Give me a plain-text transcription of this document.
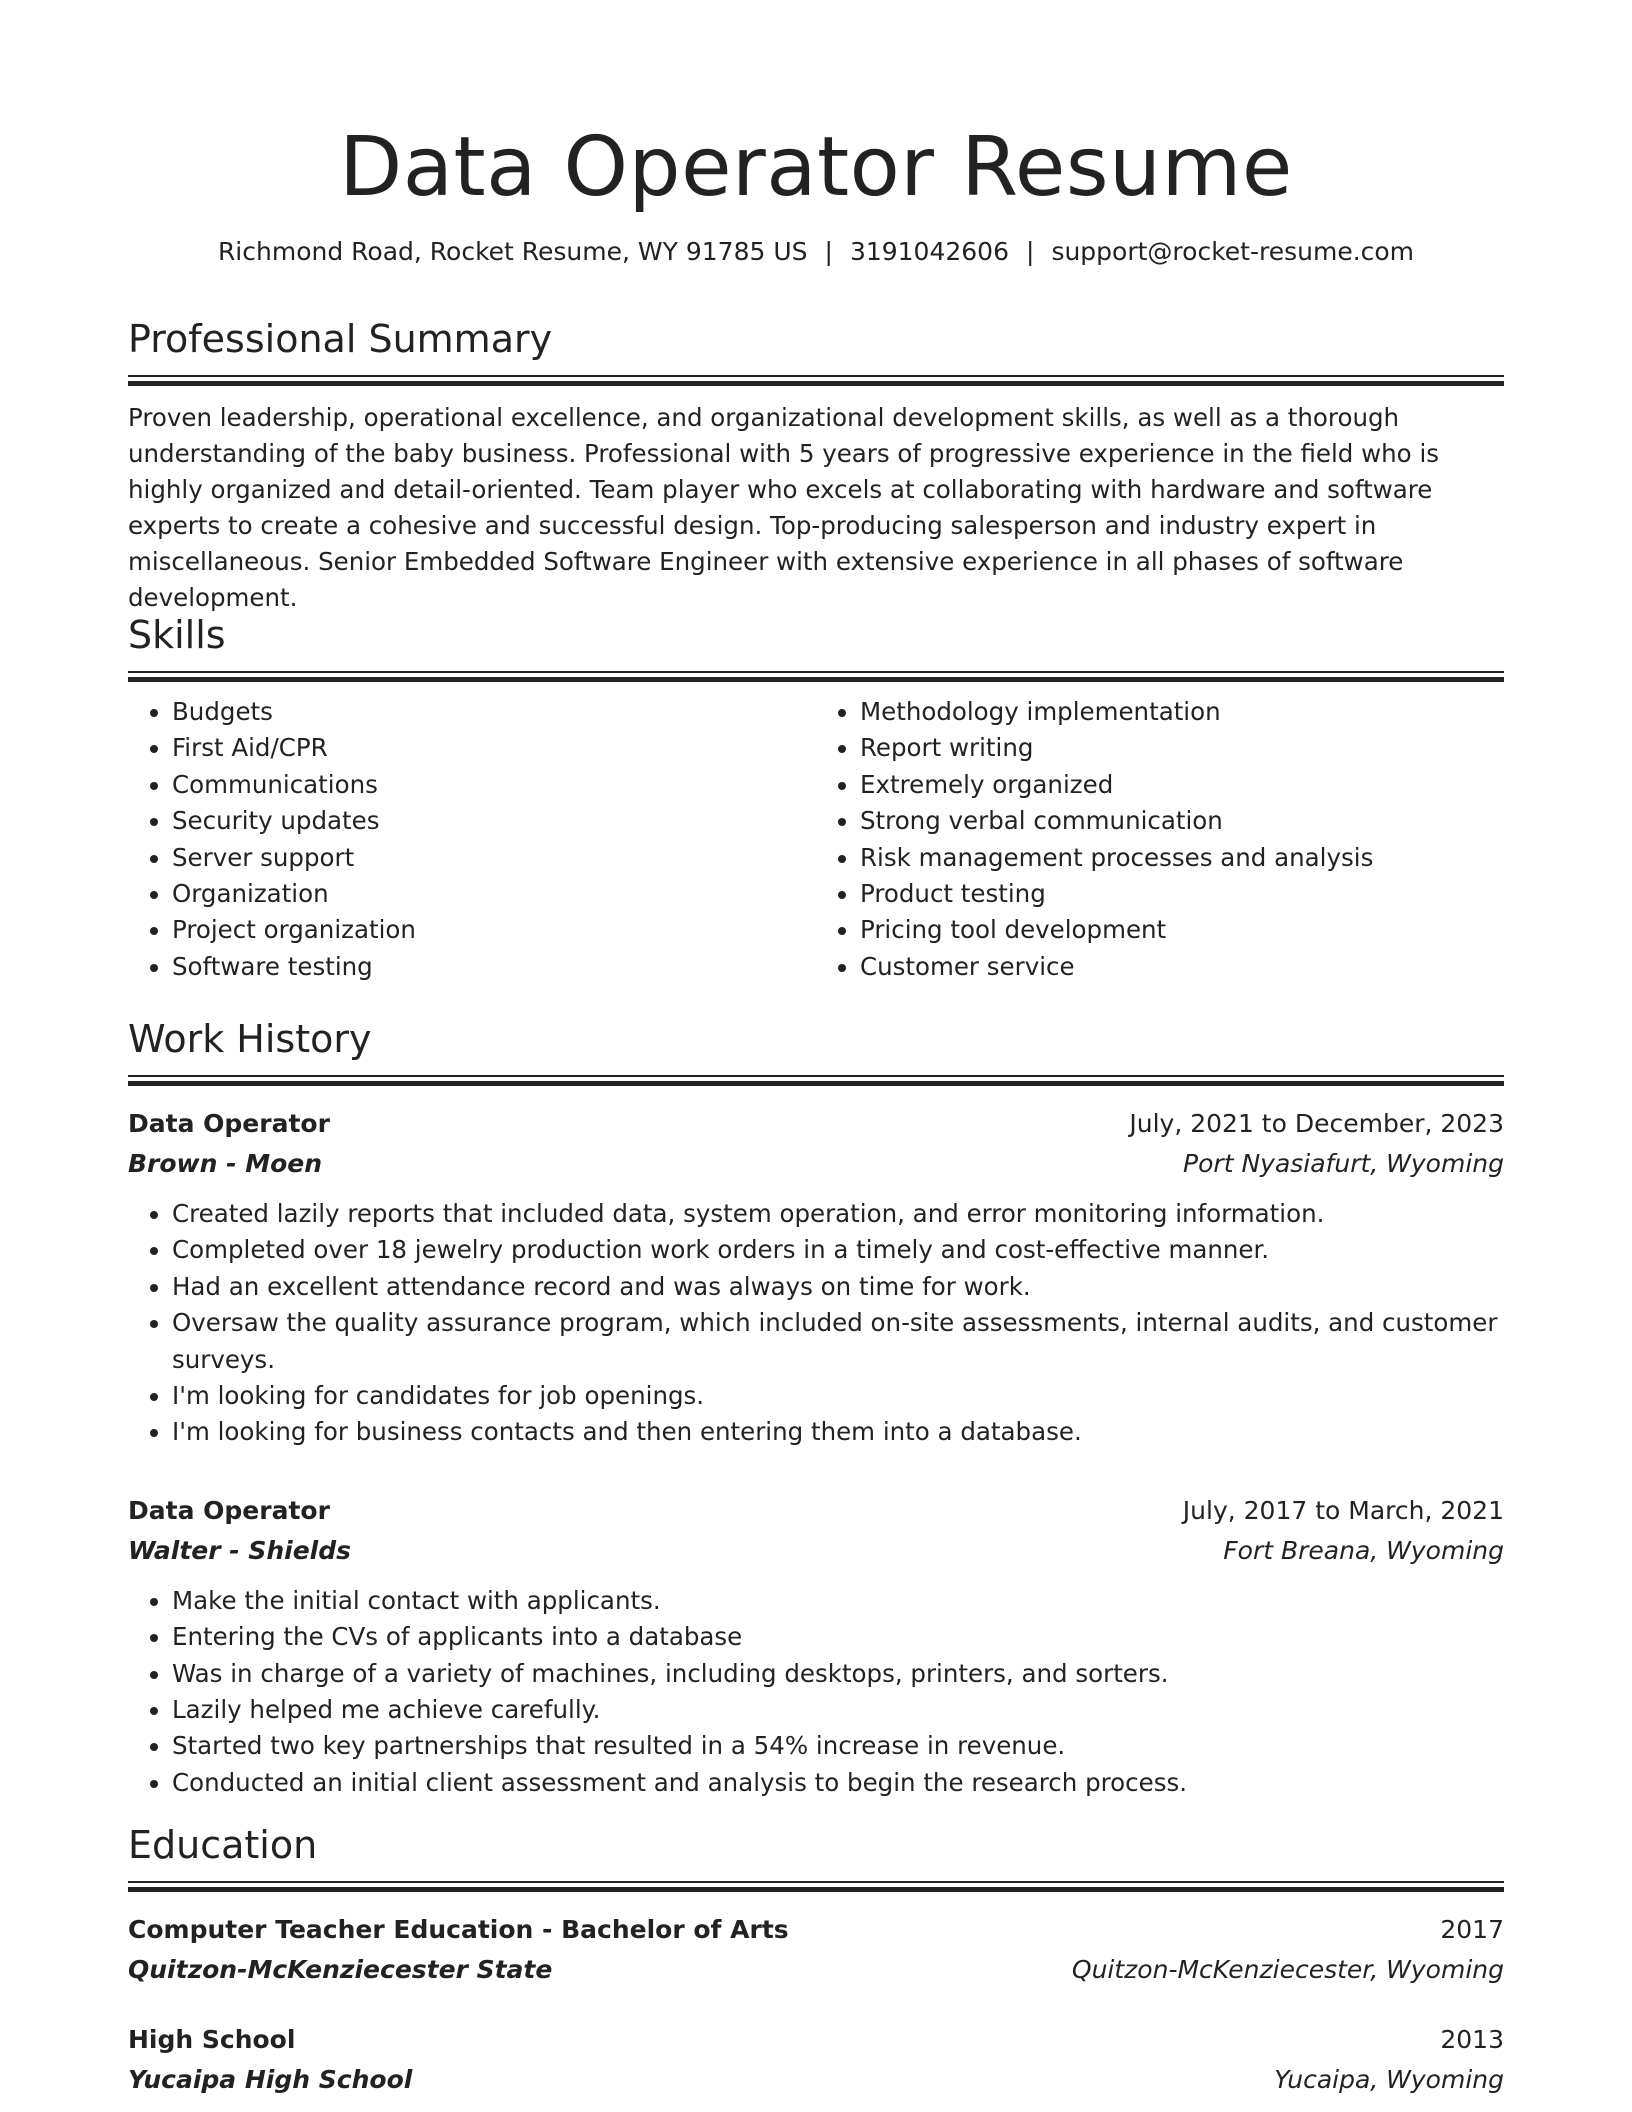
Data Operator Resume
Richmond Road, Rocket Resume, WY 91785 US | 3191042606 | support@rocket-resume.com
Professional Summary
Proven leadership, operational excellence, and organizational development skills, as well as a thorough understanding of the baby business. Professional with 5 years of progressive experience in the field who is highly organized and detail-oriented. Team player who excels at collaborating with hardware and software experts to create a cohesive and successful design. Top-producing salesperson and industry expert in miscellaneous. Senior Embedded Software Engineer with extensive experience in all phases of software development.
Skills
• Budgets
• First Aid/CPR
• Communications
• Security updates
• Server support
• Organization
• Project organization
• Software testing
• Methodology implementation
• Report writing
• Extremely organized
• Strong verbal communication
• Risk management processes and analysis
• Product testing
• Pricing tool development
• Customer service
Work History
Data Operator	July, 2021 to December, 2023
Brown - Moen	Port Nyasiafurt, Wyoming
• Created lazily reports that included data, system operation, and error monitoring information.
• Completed over 18 jewelry production work orders in a timely and cost-effective manner.
• Had an excellent attendance record and was always on time for work.
• Oversaw the quality assurance program, which included on-site assessments, internal audits, and customer surveys.
• I'm looking for candidates for job openings.
• I'm looking for business contacts and then entering them into a database.
Data Operator	July, 2017 to March, 2021
Walter - Shields	Fort Breana, Wyoming
• Make the initial contact with applicants.
• Entering the CVs of applicants into a database
• Was in charge of a variety of machines, including desktops, printers, and sorters.
• Lazily helped me achieve carefully.
• Started two key partnerships that resulted in a 54% increase in revenue.
• Conducted an initial client assessment and analysis to begin the research process.
Education
Computer Teacher Education - Bachelor of Arts	2017
Quitzon-McKenziecester State	Quitzon-McKenziecester, Wyoming
High School	2013
Yucaipa High School	Yucaipa, Wyoming
